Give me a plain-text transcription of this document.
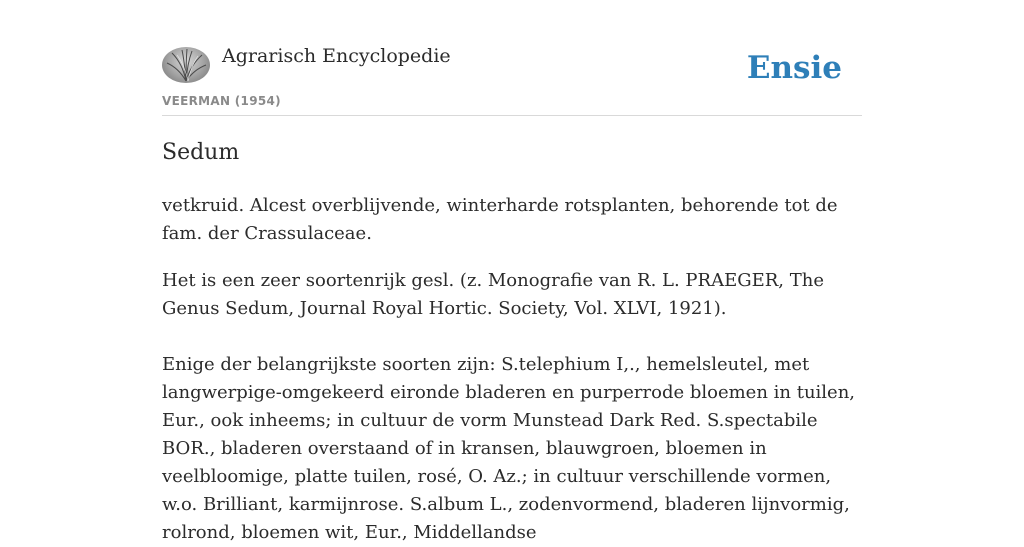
Agrarisch Encyclopedie
VEERMAN (1954)
Ensie
Sedum

vetkruid. Alcest overblijvende, winterharde rotsplanten, behorende tot de fam. der Crassulaceae.

Het is een zeer soortenrijk gesl. (z. Monografie van R. L. PRAEGER, The Genus Sedum, Journal Royal Hortic. Society, Vol. XLVI, 1921).

Enige der belangrijkste soorten zijn: S.telephium I,., hemelsleutel, met langwerpige-omgekeerd eironde bladeren en purperrode bloemen in tuilen, Eur., ook inheems; in cultuur de vorm Munstead Dark Red. S.spectabile BOR., bladeren overstaand of in kransen, blauwgroen, bloemen in veelbloomige, platte tuilen, rosé, O. Az.; in cultuur verschillende vormen, w.o. Brilliant, karmijnrose. S.album L., zodenvormend, bladeren lijnvormig, rolrond, bloemen wit, Eur., Middellandse
